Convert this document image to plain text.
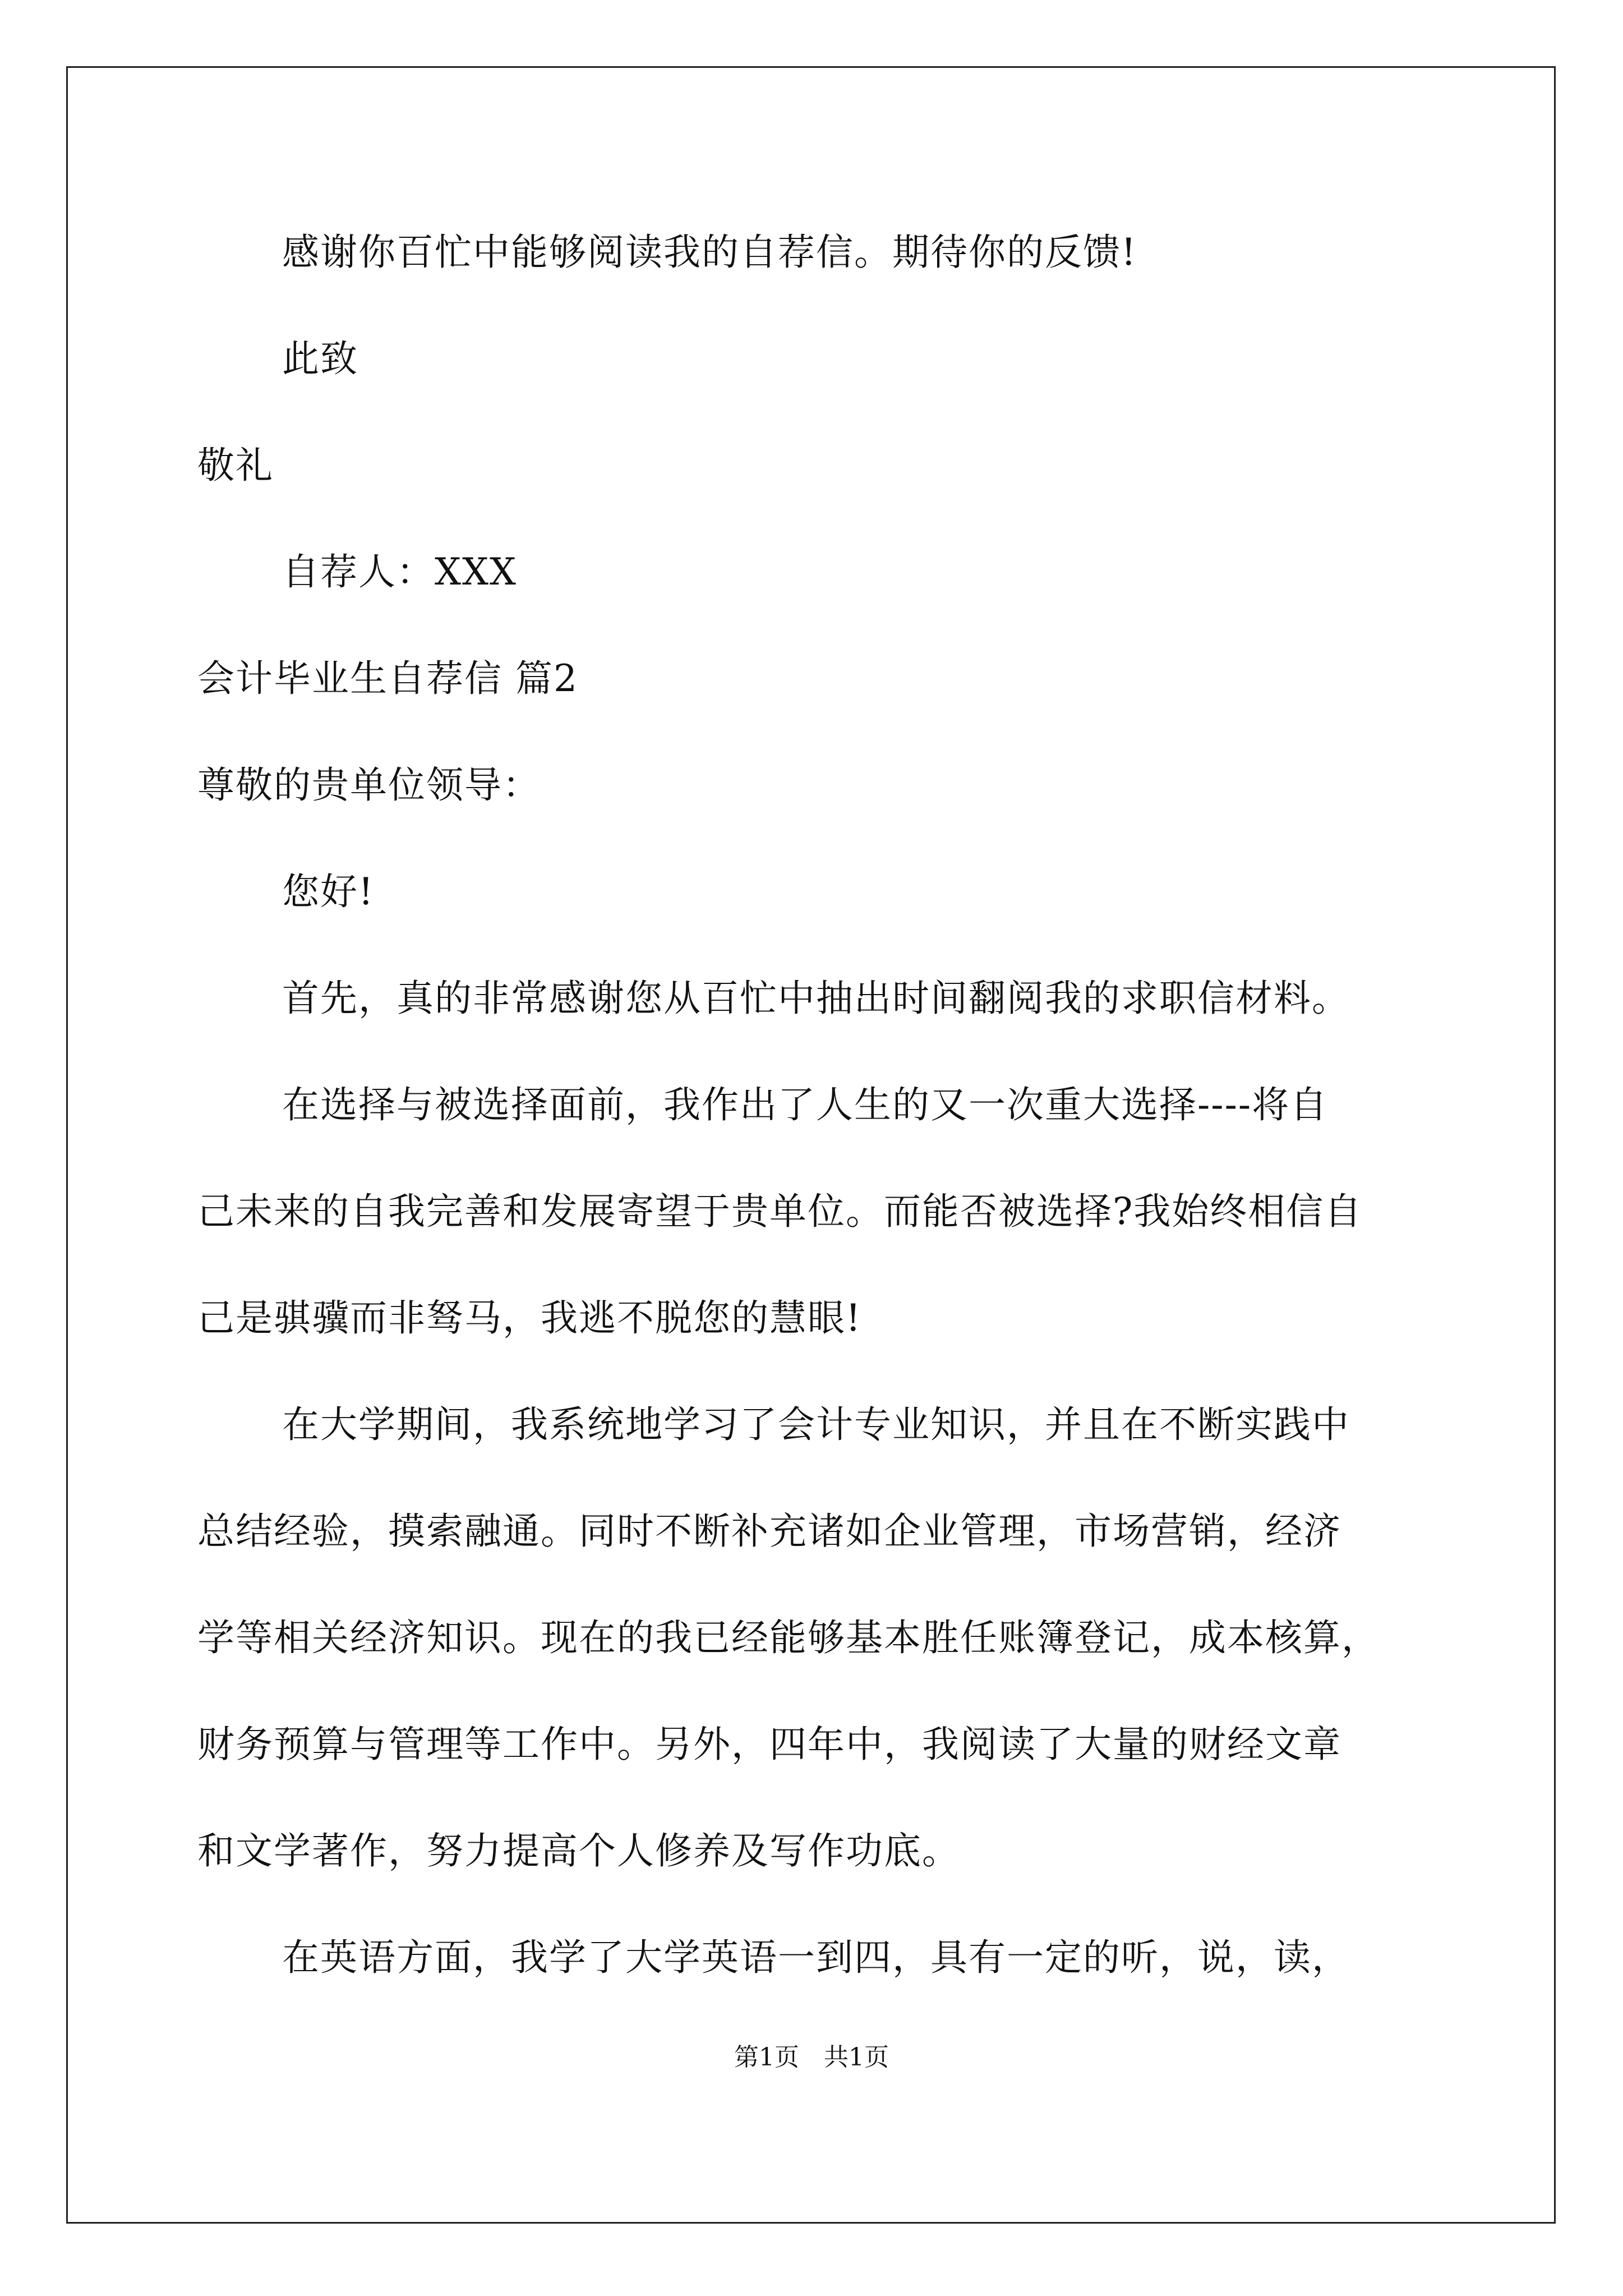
感谢你百忙中能够阅读我的自荐信。期待你的反馈!
此致
敬礼
自荐人：XXX
会计毕业生自荐信 篇2
尊敬的贵单位领导：
您好!
首先，真的非常感谢您从百忙中抽出时间翻阅我的求职信材料。
在选择与被选择面前，我作出了人生的又一次重大选择----将自
己未来的自我完善和发展寄望于贵单位。而能否被选择?我始终相信自
己是骐骥而非驽马，我逃不脱您的慧眼!
在大学期间，我系统地学习了会计专业知识，并且在不断实践中
总结经验，摸索融通。同时不断补充诸如企业管理，市场营销，经济
学等相关经济知识。现在的我已经能够基本胜任账簿登记，成本核算，
财务预算与管理等工作中。另外，四年中，我阅读了大量的财经文章
和文学著作，努力提高个人修养及写作功底。
在英语方面，我学了大学英语一到四，具有一定的听，说，读，
第1页　共1页
